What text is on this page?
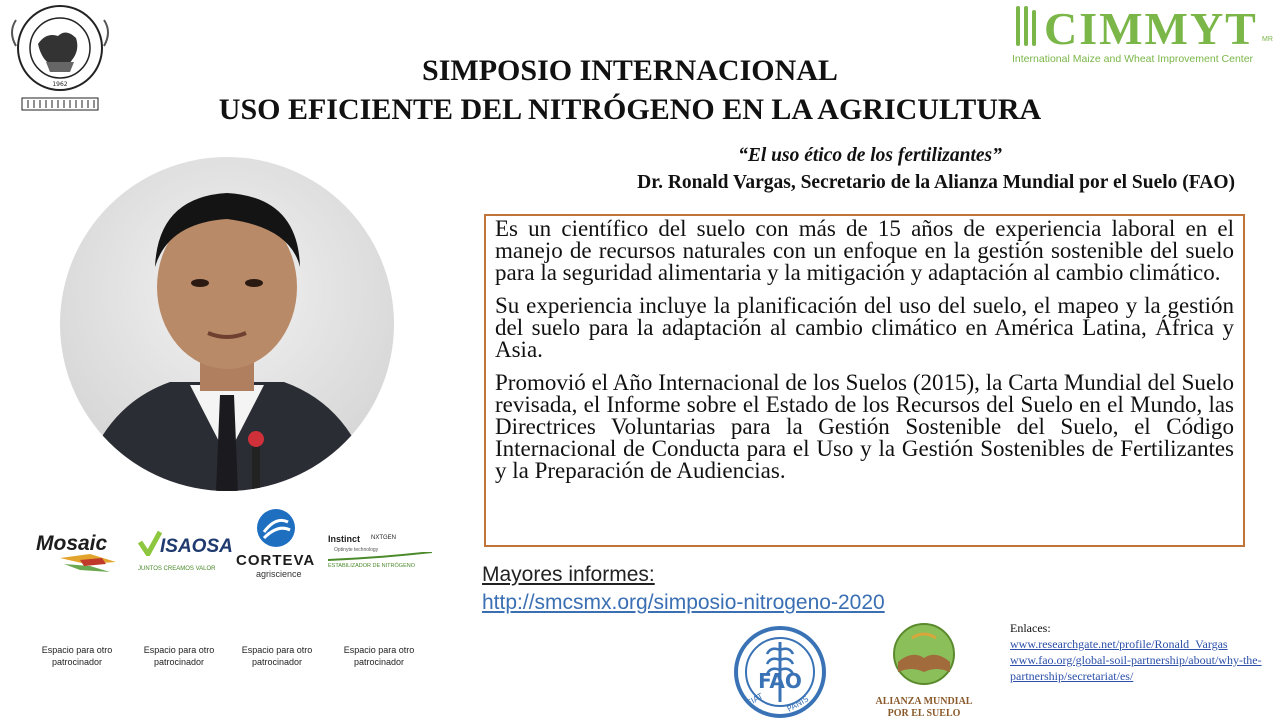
1962
CIMMYT MR
International Maize and Wheat Improvement Center
SIMPOSIO INTERNACIONAL
USO EFICIENTE DEL NITRÓGENO EN LA AGRICULTURA
“El uso ético de los fertilizantes”
Dr. Ronald Vargas, Secretario de la Alianza Mundial por el Suelo (FAO)

Es un científico del suelo con más de 15 años de experiencia laboral en el manejo de recursos naturales con un enfoque en la gestión sostenible del suelo para la seguridad alimentaria y la mitigación y adaptación al cambio climático.

Su experiencia incluye la planificación del uso del suelo, el mapeo y la gestión del suelo para la adaptación al cambio climático en América Latina, África y Asia.

Promovió el Año Internacional de los Suelos (2015), la Carta Mundial del Suelo revisada, el Informe sobre el Estado de los Recursos del Suelo en el Mundo, las Directrices Voluntarias para la Gestión Sostenible del Suelo, el Código Internacional de Conducta para el Uso y la Gestión Sostenibles de Fertilizantes y la Preparación de Audiencias.

Mayores informes:
http://smcsmx.org/simposio-nitrogeno-2020
Mosaic	ISAOSA
JUNTOS CREAMOS VALOR CORTEVA
agriscience
Instinct NXTGEN
Optinyte technology
ESTABILIZADOR DE NITRÓGENO
Espacio para otro patrocinador
Espacio para otro patrocinador
Espacio para otro patrocinador
Espacio para otro patrocinador
FAO
FIAT	PANIS	ALIANZA MUNDIAL
POR EL SUELO
Enlaces:
www.researchgate.net/profile/Ronald_Vargas
www.fao.org/global-soil-partnership/about/why-the-partnership/secretariat/es/
